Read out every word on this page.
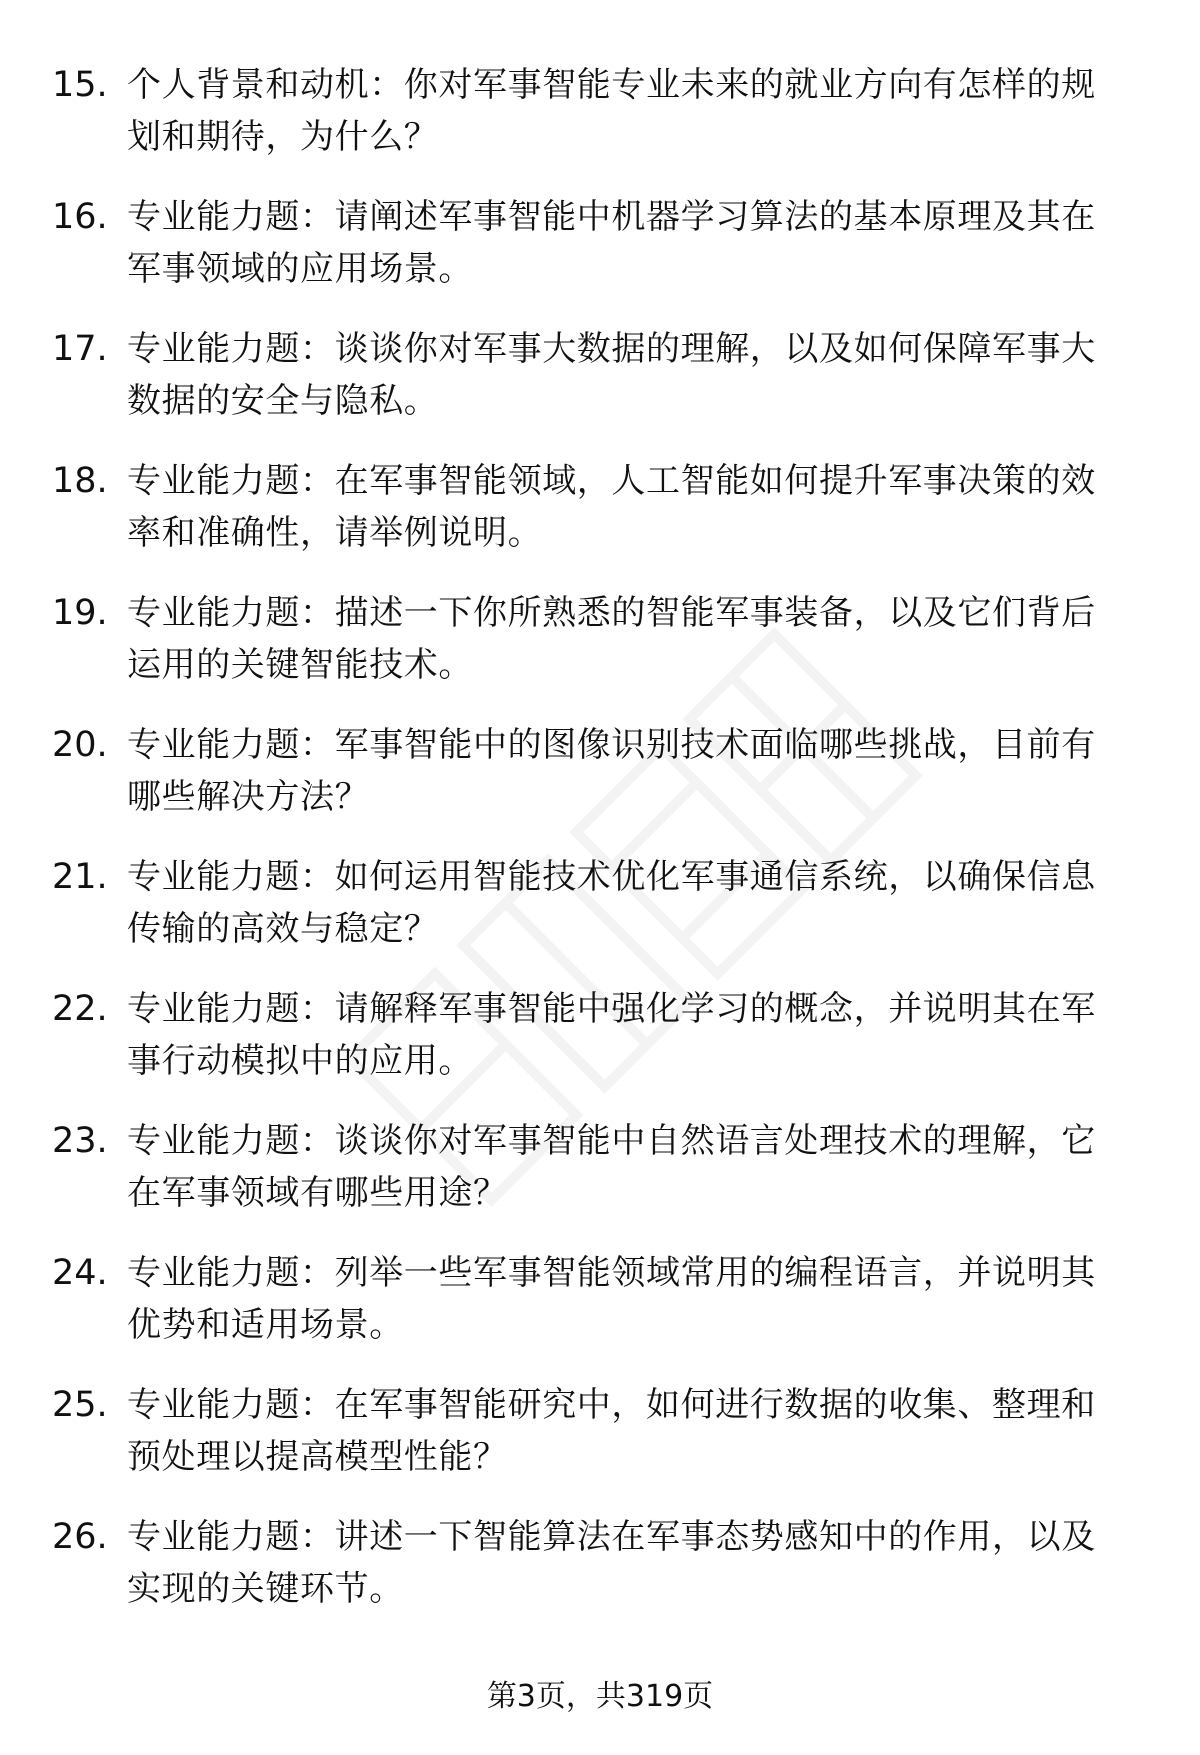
15. 个人背景和动机：你对军事智能专业未来的就业方向有怎样的规
划和期待，为什么？
16. 专业能力题：请阐述军事智能中机器学习算法的基本原理及其在
军事领域的应用场景。
17. 专业能力题：谈谈你对军事大数据的理解，以及如何保障军事大
数据的安全与隐私。
18. 专业能力题：在军事智能领域，人工智能如何提升军事决策的效
率和准确性，请举例说明。
19. 专业能力题：描述一下你所熟悉的智能军事装备，以及它们背后
运用的关键智能技术。
20. 专业能力题：军事智能中的图像识别技术面临哪些挑战，目前有
哪些解决方法？
21. 专业能力题：如何运用智能技术优化军事通信系统，以确保信息
传输的高效与稳定？
22. 专业能力题：请解释军事智能中强化学习的概念，并说明其在军
事行动模拟中的应用。
23. 专业能力题：谈谈你对军事智能中自然语言处理技术的理解，它
在军事领域有哪些用途？
24. 专业能力题：列举一些军事智能领域常用的编程语言，并说明其
优势和适用场景。
25. 专业能力题：在军事智能研究中，如何进行数据的收集、整理和
预处理以提高模型性能？
26. 专业能力题：讲述一下智能算法在军事态势感知中的作用，以及
实现的关键环节。
第3页，共319页
